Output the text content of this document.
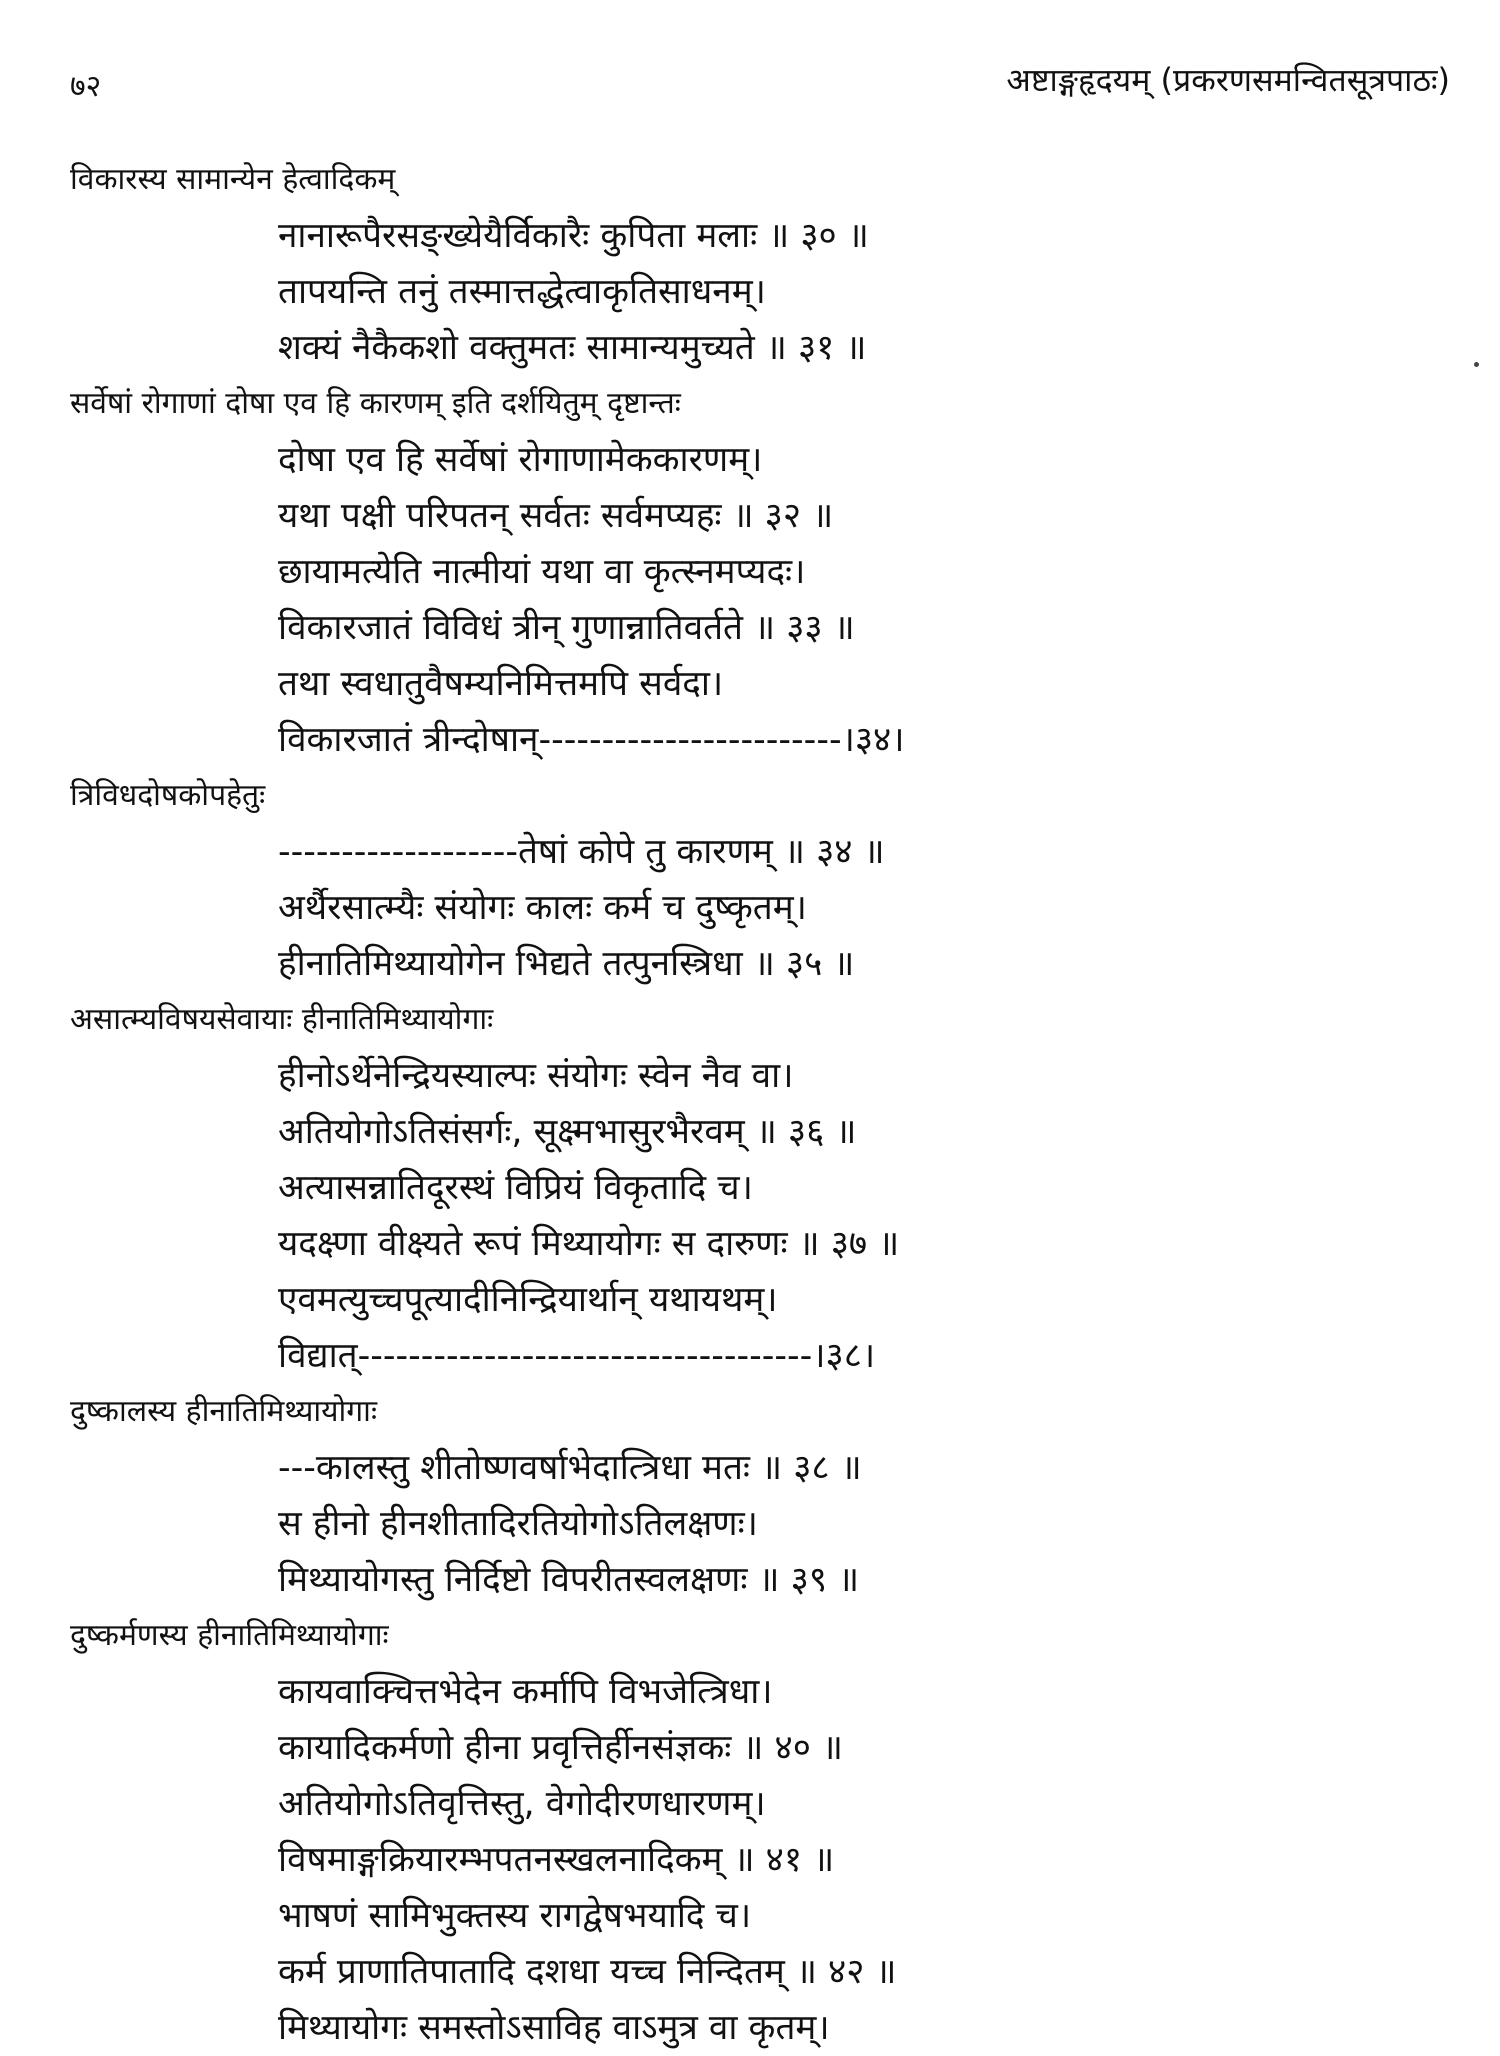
७२	अष्टाङ्गहृदयम् (प्रकरणसमन्वितसूत्रपाठः)
विकारस्य सामान्येन हेत्वादिकम्
नानारूपैरसङ्ख्येयैर्विकारैः कुपिता मलाः ॥ ३० ॥
तापयन्ति तनुं तस्मात्तद्धेत्वाकृतिसाधनम्।
शक्यं नैकैकशो वक्तुमतः सामान्यमुच्यते ॥ ३१ ॥
सर्वेषां रोगाणां दोषा एव हि कारणम् इति दर्शयितुम् दृष्टान्तः
दोषा एव हि सर्वेषां रोगाणामेककारणम्।
यथा पक्षी परिपतन् सर्वतः सर्वमप्यहः ॥ ३२ ॥
छायामत्येति नात्मीयां यथा वा कृत्स्नमप्यदः।
विकारजातं विविधं त्रीन् गुणान्नातिवर्तते ॥ ३३ ॥
तथा स्वधातुवैषम्यनिमित्तमपि सर्वदा।
विकारजातं त्रीन्दोषान्------------------------।३४।
त्रिविधदोषकोपहेतुः
-------------------तेषां कोपे तु कारणम् ॥ ३४ ॥
अर्थैरसात्म्यैः संयोगः कालः कर्म च दुष्कृतम्।
हीनातिमिथ्यायोगेन भिद्यते तत्पुनस्त्रिधा ॥ ३५ ॥
असात्म्यविषयसेवायाः हीनातिमिथ्यायोगाः
हीनोऽर्थेनेन्द्रियस्याल्पः संयोगः स्वेन नैव वा।
अतियोगोऽतिसंसर्गः, सूक्ष्मभासुरभैरवम् ॥ ३६ ॥
अत्यासन्नातिदूरस्थं विप्रियं विकृतादि च।
यदक्ष्णा वीक्ष्यते रूपं मिथ्यायोगः स दारुणः ॥ ३७ ॥
एवमत्युच्चपूत्यादीनिन्द्रियार्थान् यथायथम्।
विद्यात्------------------------------------।३८।
दुष्कालस्य हीनातिमिथ्यायोगाः
---कालस्तु शीतोष्णवर्षाभेदात्त्रिधा मतः ॥ ३८ ॥
स हीनो हीनशीतादिरतियोगोऽतिलक्षणः।
मिथ्यायोगस्तु निर्दिष्टो विपरीतस्वलक्षणः ॥ ३९ ॥
दुष्कर्मणस्य हीनातिमिथ्यायोगाः
कायवाक्चित्तभेदेन कर्मापि विभजेत्त्रिधा।
कायादिकर्मणो हीना प्रवृत्तिर्हीनसंज्ञकः ॥ ४० ॥
अतियोगोऽतिवृत्तिस्तु, वेगोदीरणधारणम्।
विषमाङ्गक्रियारम्भपतनस्खलनादिकम् ॥ ४१ ॥
भाषणं सामिभुक्तस्य रागद्वेषभयादि च।
कर्म प्राणातिपातादि दशधा यच्च निन्दितम् ॥ ४२ ॥
मिथ्यायोगः समस्तोऽसाविह वाऽमुत्र वा कृतम्।
